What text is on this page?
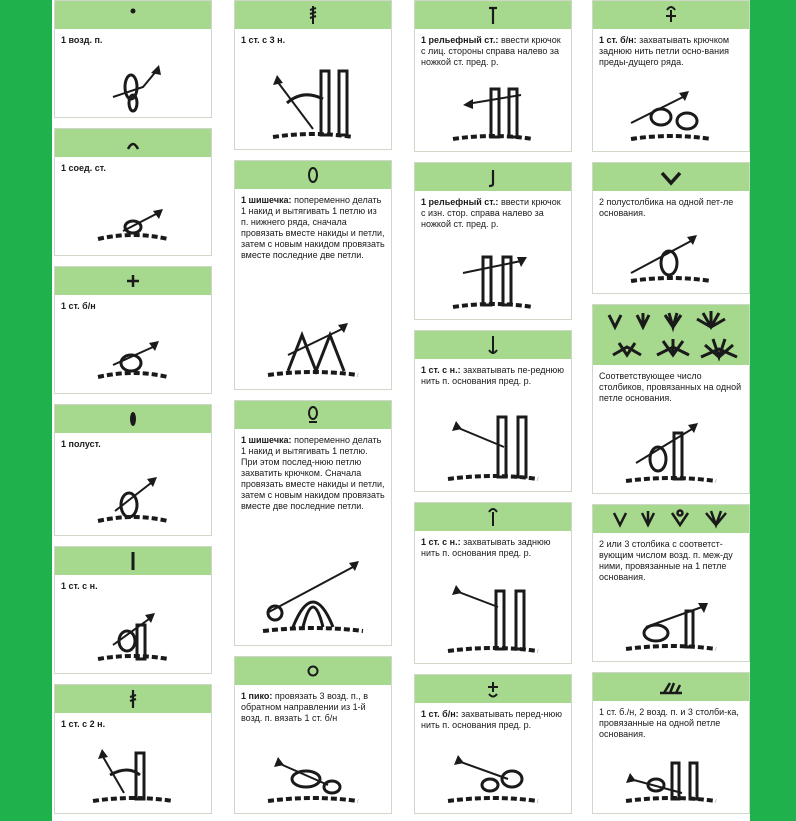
1 возд. п.
1 соед. ст.
1 ст. б/н
1 полуст.
1 ст. с н.
1 ст. с 2 н.
1 ст. с 3 н.
1 шишечка: попеременно делать 1 накид и вытягивать 1 петлю из п. нижнего ряда, сначала провязать вместе накиды и петли, затем с новым накидом провязать вместе последние две петли.
1 шишечка: попеременно делать 1 накид и вытягивать 1 петлю. При этом послед-нюю петлю захватить крючком. Сначала провязать вместе накиды и петли, затем с новым накидом провязать вместе две последние петли.
1 пико: провязать 3 возд. п., в обратном направлении из 1-й возд. п. вязать 1 ст. б/н
1 рельефный ст.: ввести крючок с лиц. стороны справа налево за ножкой ст. пред. р.
1 рельефный ст.: ввести крючок с изн. стор. справа налево за ножкой ст. пред. р.
1 ст. с н.: захватывать пе-реднюю нить п. основания пред. р.
1 ст. с н.: захватывать заднюю нить п. основания пред. р.
1 ст. б/н: захватывать перед-нюю нить п. основания пред. р.
1 ст. б/н: захватывать крючком заднюю нить петли осно-вания преды-дущего ряда.
2 полустолбика на одной пет-ле основания.
Соответствующее число столбиков, провязанных на одной петле основания.
2 или 3 столбика с соответст-вующим числом возд. п. меж-ду ними, провязанные на 1 петле основания.
1 ст. б./н, 2 возд. п. и 3 столби-ка, провязанные на одной петле основания.
